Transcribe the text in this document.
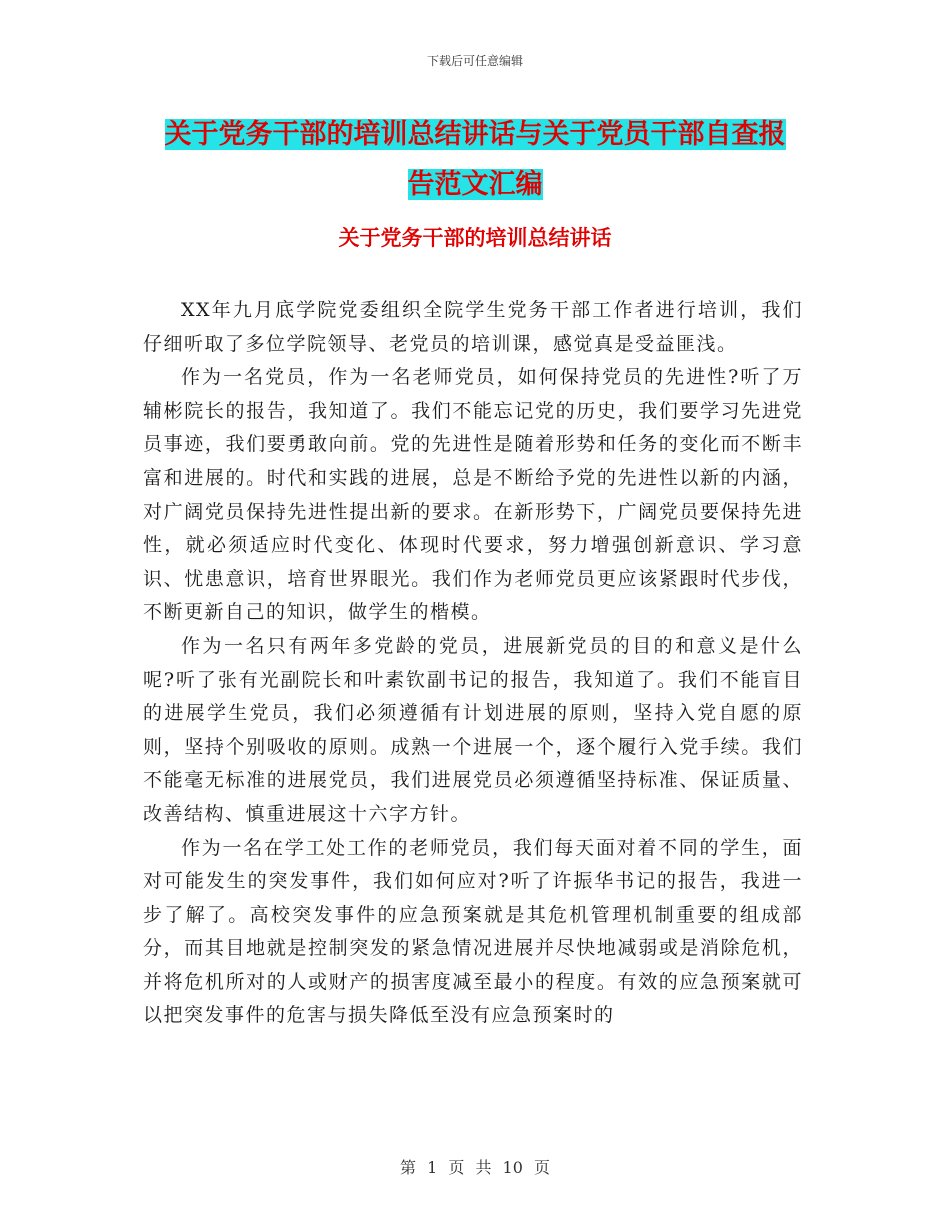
下载后可任意编辑
关于党务干部的培训总结讲话与关于党员干部自查报
告范文汇编
关于党务干部的培训总结讲话

XX年九月底学院党委组织全院学生党务干部工作者进行培训，我们仔细听取了多位学院领导、老党员的培训课，感觉真是受益匪浅。

作为一名党员，作为一名老师党员，如何保持党员的先进性?听了万辅彬院长的报告，我知道了。我们不能忘记党的历史，我们要学习先进党员事迹，我们要勇敢向前。党的先进性是随着形势和任务的变化而不断丰富和进展的。时代和实践的进展，总是不断给予党的先进性以新的内涵，对广阔党员保持先进性提出新的要求。在新形势下，广阔党员要保持先进性，就必须适应时代变化、体现时代要求，努力增强创新意识、学习意识、忧患意识，培育世界眼光。我们作为老师党员更应该紧跟时代步伐，不断更新自己的知识，做学生的楷模。

作为一名只有两年多党龄的党员，进展新党员的目的和意义是什么呢?听了张有光副院长和叶素钦副书记的报告，我知道了。我们不能盲目的进展学生党员，我们必须遵循有计划进展的原则，坚持入党自愿的原则，坚持个别吸收的原则。成熟一个进展一个，逐个履行入党手续。我们不能毫无标准的进展党员，我们进展党员必须遵循坚持标准、保证质量、改善结构、慎重进展这十六字方针。

作为一名在学工处工作的老师党员，我们每天面对着不同的学生，面对可能发生的突发事件，我们如何应对?听了许振华书记的报告，我进一步了解了。高校突发事件的应急预案就是其危机管理机制重要的组成部分，而其目地就是控制突发的紧急情况进展并尽快地减弱或是消除危机，并将危机所对的人或财产的损害度减至最小的程度。有效的应急预案就可以把突发事件的危害与损失降低至没有应急预案时的

第 1 页 共 10 页
